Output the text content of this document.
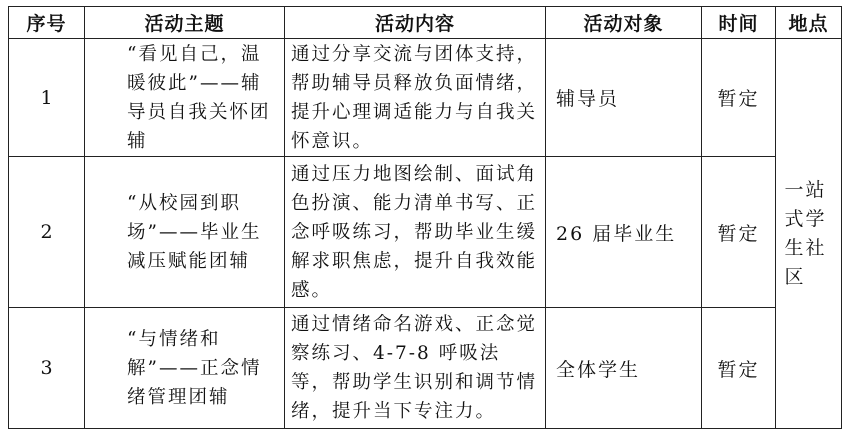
序号	活动主题	活动内容	活动对象	时间	地点
1	“看见自己，温暖彼此”——辅导员自我关怀团辅	通过分享交流与团体支持，帮助辅导员释放负面情绪，提升心理调适能力与自我关怀意识。	辅导员	暂定	一站式学生社区
2	“从校园到职场”——毕业生减压赋能团辅	通过压力地图绘制、面试角色扮演、能力清单书写、正念呼吸练习，帮助毕业生缓解求职焦虑，提升自我效能感。	26 届毕业生	暂定	
3	“与情绪和解”——正念情绪管理团辅	通过情绪命名游戏、正念觉察练习、4-7-8 呼吸法等，帮助学生识别和调节情绪，提升当下专注力。	全体学生	暂定	
